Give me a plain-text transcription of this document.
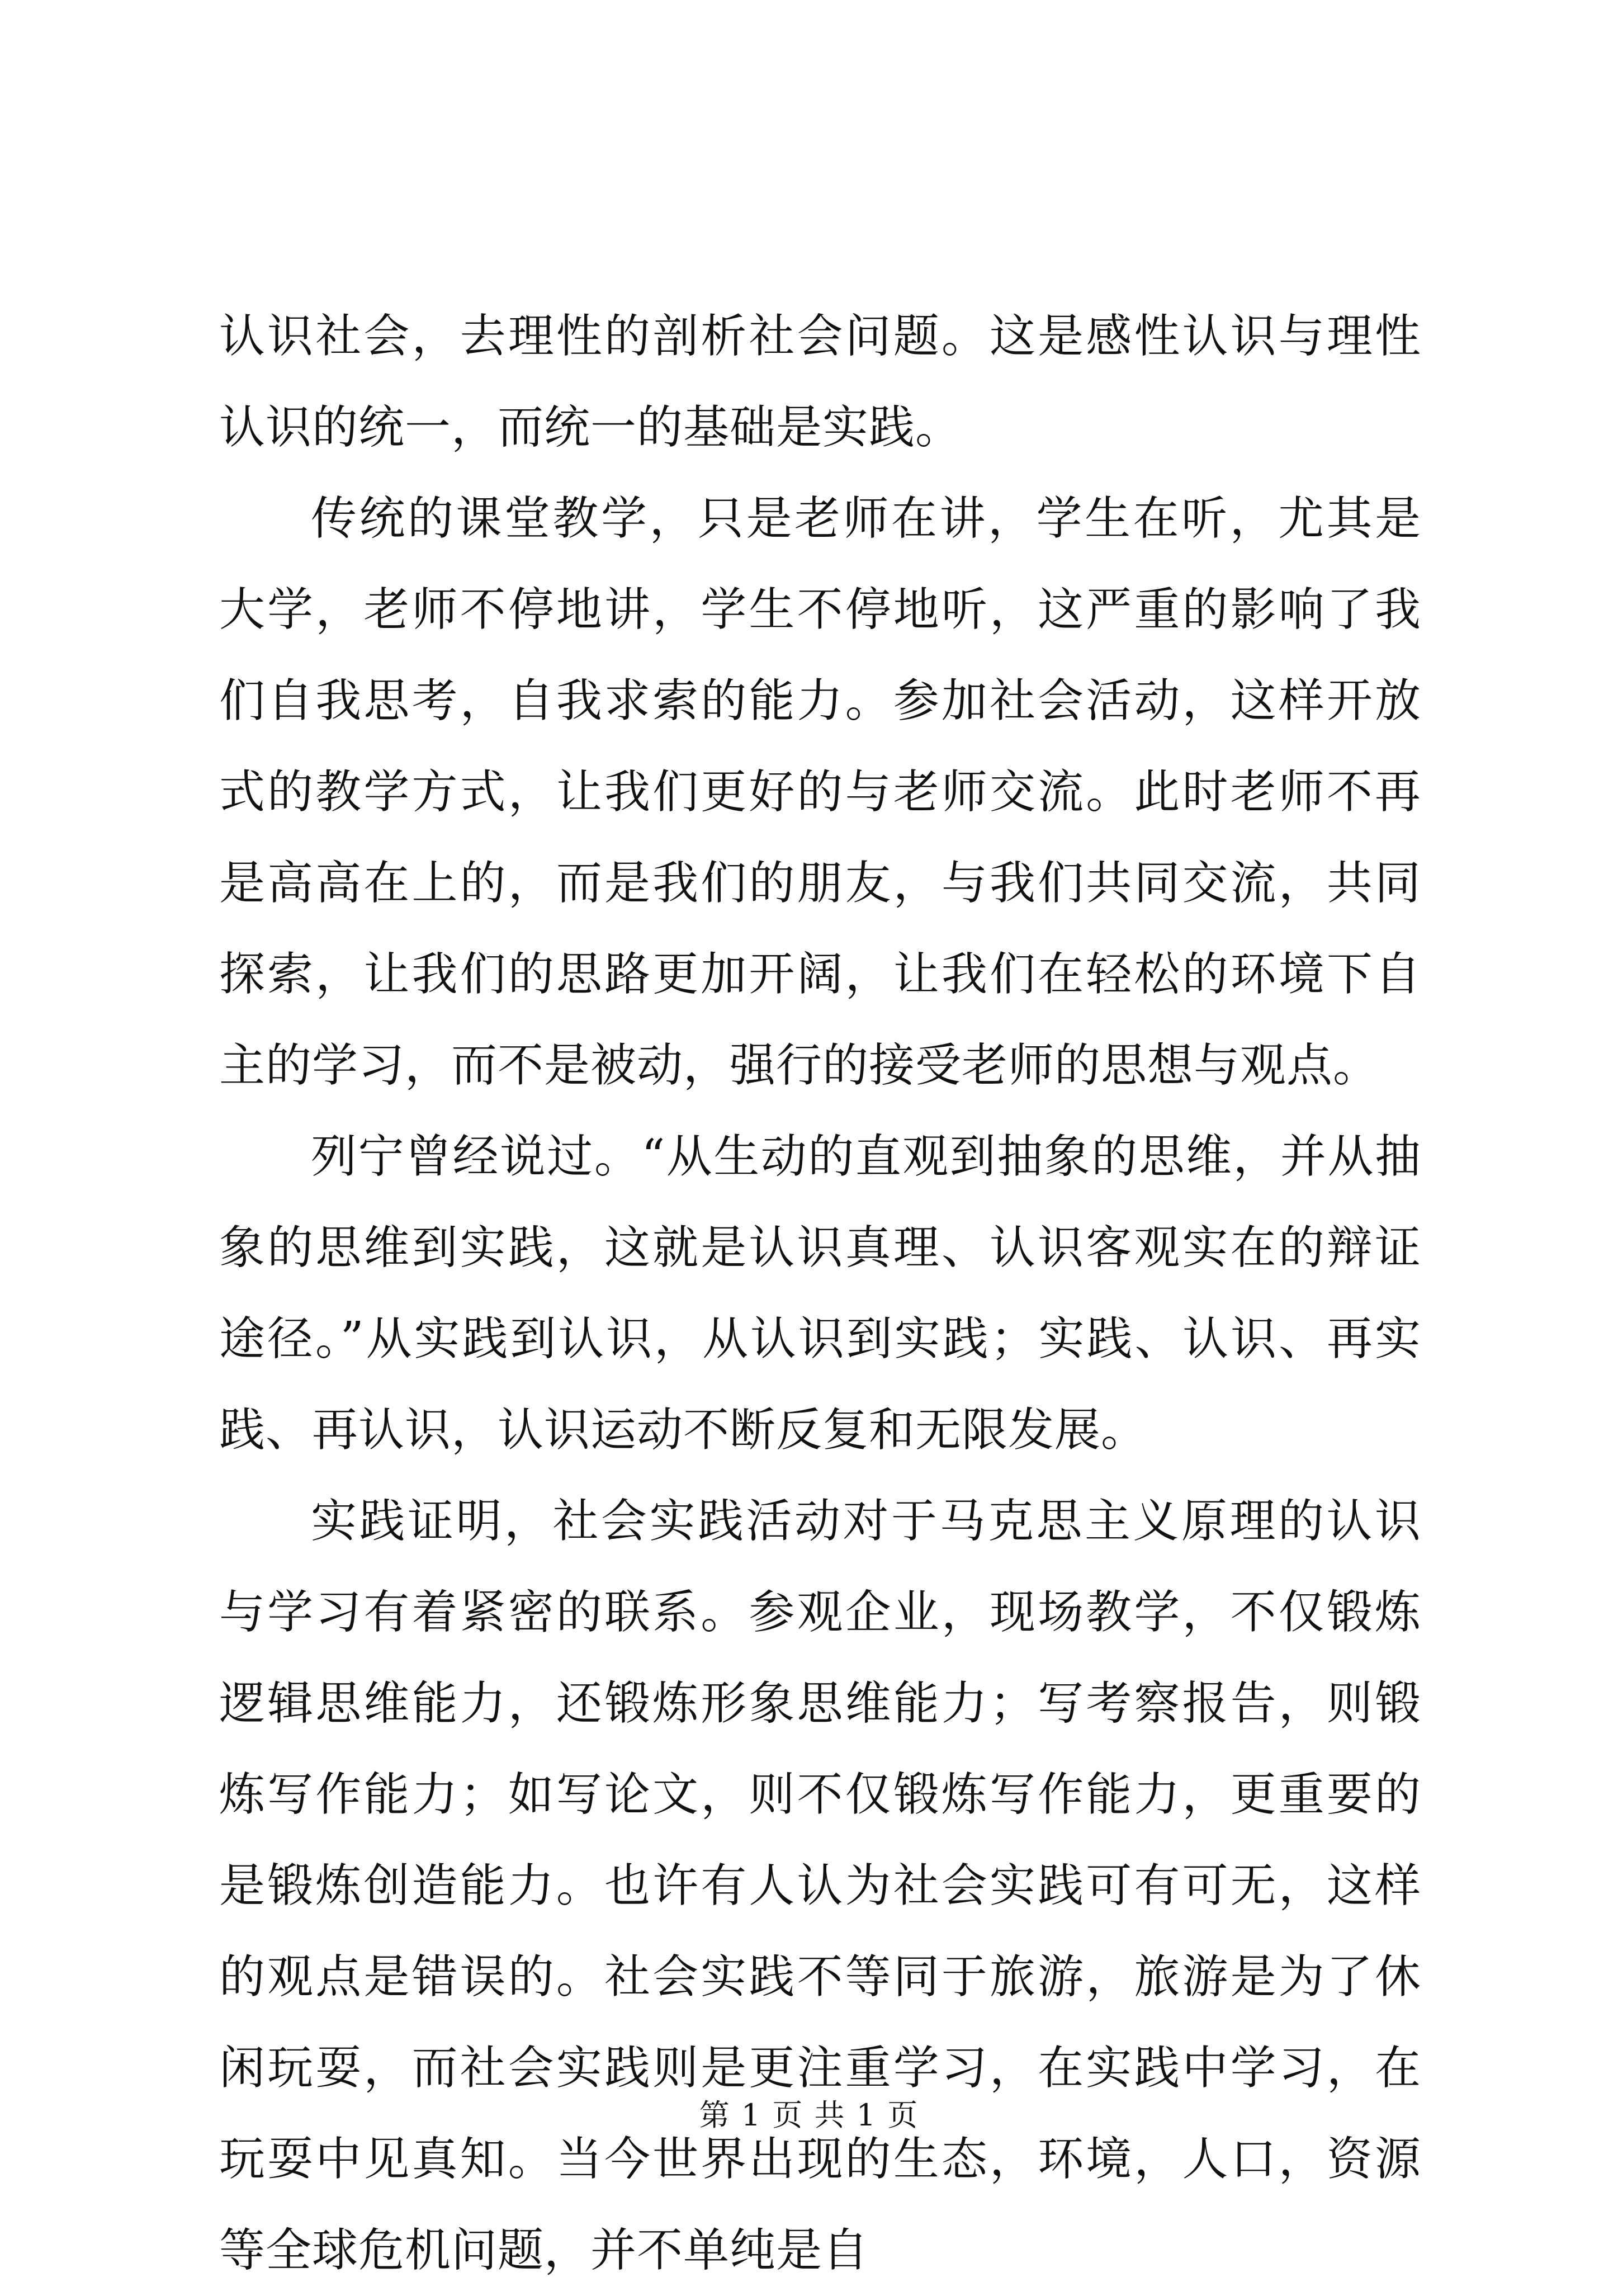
认识社会，去理性的剖析社会问题。这是感性认识与理性认识的统一，而统一的基础是实践。

传统的课堂教学，只是老师在讲，学生在听，尤其是大学，老师不停地讲，学生不停地听，这严重的影响了我们自我思考，自我求索的能力。参加社会活动，这样开放式的教学方式，让我们更好的与老师交流。此时老师不再是高高在上的，而是我们的朋友，与我们共同交流，共同探索，让我们的思路更加开阔，让我们在轻松的环境下自主的学习，而不是被动，强行的接受老师的思想与观点。

列宁曾经说过。“从生动的直观到抽象的思维，并从抽象的思维到实践，这就是认识真理、认识客观实在的辩证途径。”从实践到认识，从认识到实践；实践、认识、再实践、再认识，认识运动不断反复和无限发展。

实践证明，社会实践活动对于马克思主义原理的认识与学习有着紧密的联系。参观企业，现场教学，不仅锻炼逻辑思维能力，还锻炼形象思维能力；写考察报告，则锻炼写作能力；如写论文，则不仅锻炼写作能力，更重要的是锻炼创造能力。也许有人认为社会实践可有可无，这样的观点是错误的。社会实践不等同于旅游，旅游是为了休闲玩耍，而社会实践则是更注重学习，在实践中学习，在玩耍中见真知。当今世界出现的生态，环境，人口，资源等全球危机问题，并不单纯是自

第 1 页 共 1 页
